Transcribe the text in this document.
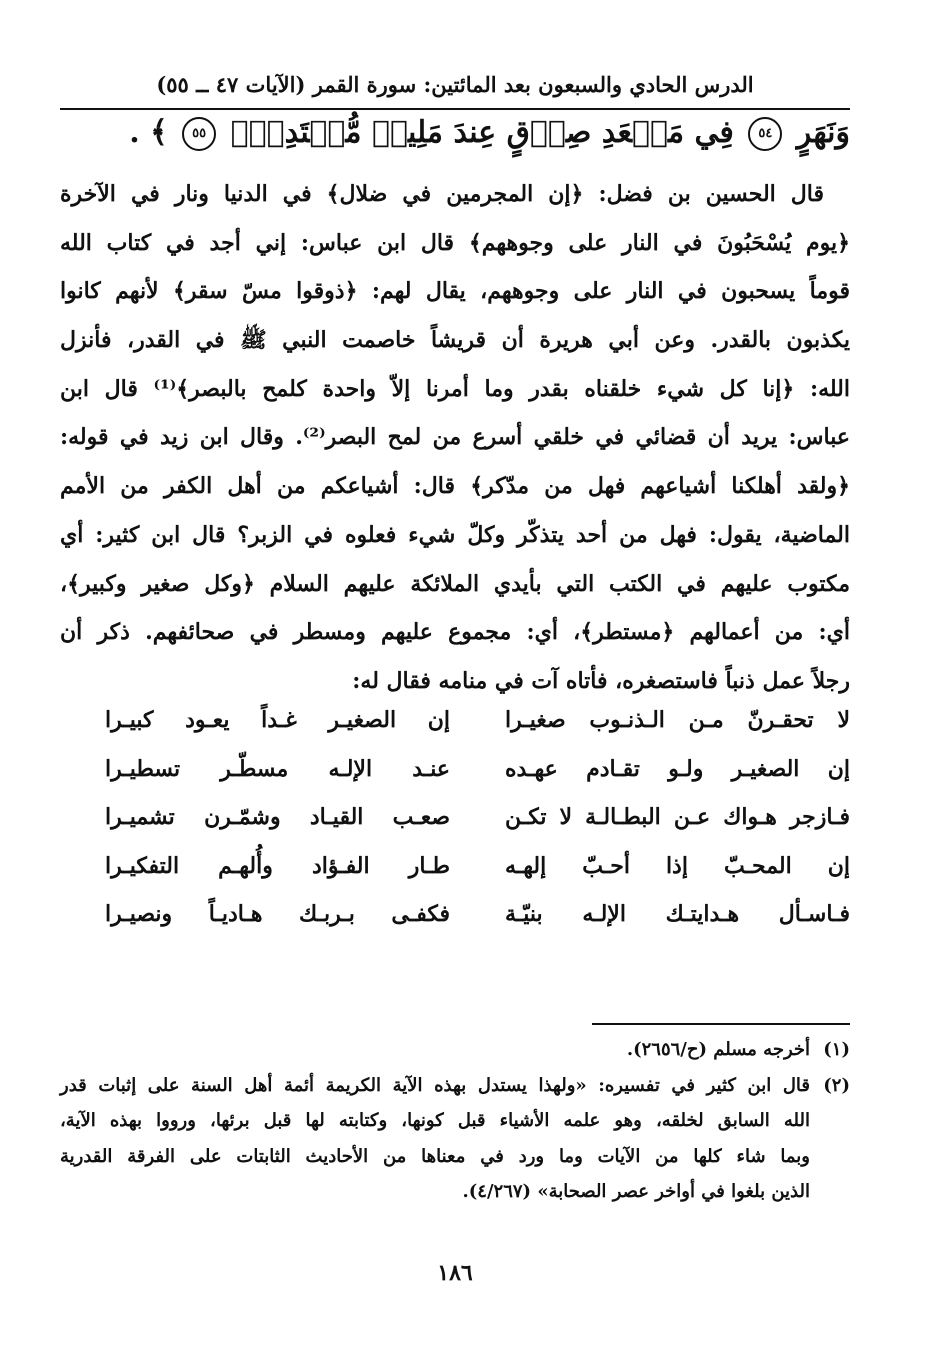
الدرس الحادي والسبعون بعد المائتين: سورة القمر (الآيات ٤٧ ــ ٥٥)
وَنَهَرٍ ٥٤ فِي مَقۡعَدِ صِدۡقٍ عِندَ مَلِيكٖ مُّقۡتَدِرِۭ ٥٥ ﴾ .
قال الحسين بن فضل: ﴿إن المجرمين في ضلال﴾ في الدنيا ونار في الآخرة
﴿يوم يُسْحَبُونَ في النار على وجوههم﴾ قال ابن عباس: إني أجد في كتاب الله
قوماً يسحبون في النار على وجوههم، يقال لهم: ﴿ذوقوا مسّ سقر﴾ لأنهم كانوا
يكذبون بالقدر. وعن أبي هريرة أن قريشاً خاصمت النبي ﷺ في القدر، فأنزل
الله: ﴿إنا كل شيء خلقناه بقدر وما أمرنا إلاّ واحدة كلمح بالبصر﴾⁽¹⁾ قال ابن
عباس: يريد أن قضائي في خلقي أسرع من لمح البصر⁽²⁾. وقال ابن زيد في قوله:
﴿ولقد أهلكنا أشياعهم فهل من مدّكر﴾ قال: أشياعكم من أهل الكفر من الأمم
الماضية، يقول: فهل من أحد يتذكّر وكلّ شيء فعلوه في الزبر؟ قال ابن كثير: أي
مكتوب عليهم في الكتب التي بأيدي الملائكة عليهم السلام ﴿وكل صغير وكبير﴾،
أي: من أعمالهم ﴿مستطر﴾، أي: مجموع عليهم ومسطر في صحائفهم. ذكر أن
رجلاً عمل ذنباً فاستصغره، فأتاه آت في منامه فقال له:
لا تحقـرنّ مـن الـذنـوب صغيـرا
إن الصغيـر غـداً يعـود كبيـرا
إن الصغيـر ولـو تقـادم عهـده
عنـد الإلـه مسطّـر تسطيـرا
فـازجر هـواك عـن البطـالـة لا تكـن
صعـب القيـاد وشمّـرن تشميـرا
إن المحـبّ إذا أحـبّ إلهـه
طـار الفـؤاد وأُلهـم التفكيـرا
فـاسـأل هـدايتـك الإلـه بنيّـة
فكفـى بـربـك هـاديـاً ونصيـرا
(١)أخرجه مسلم (ح/٢٦٥٦).
(٢)قال ابن كثير في تفسيره: «ولهذا يستدل بهذه الآية الكريمة أئمة أهل السنة على إثبات قدر
الله السابق لخلقه، وهو علمه الأشياء قبل كونها، وكتابته لها قبل برئها، ورووا بهذه الآية،
وبما شاء كلها من الآيات وما ورد في معناها من الأحاديث الثابتات على الفرقة القدرية
الذين بلغوا في أواخر عصر الصحابة» (٤/٢٦٧).
١٨٦
